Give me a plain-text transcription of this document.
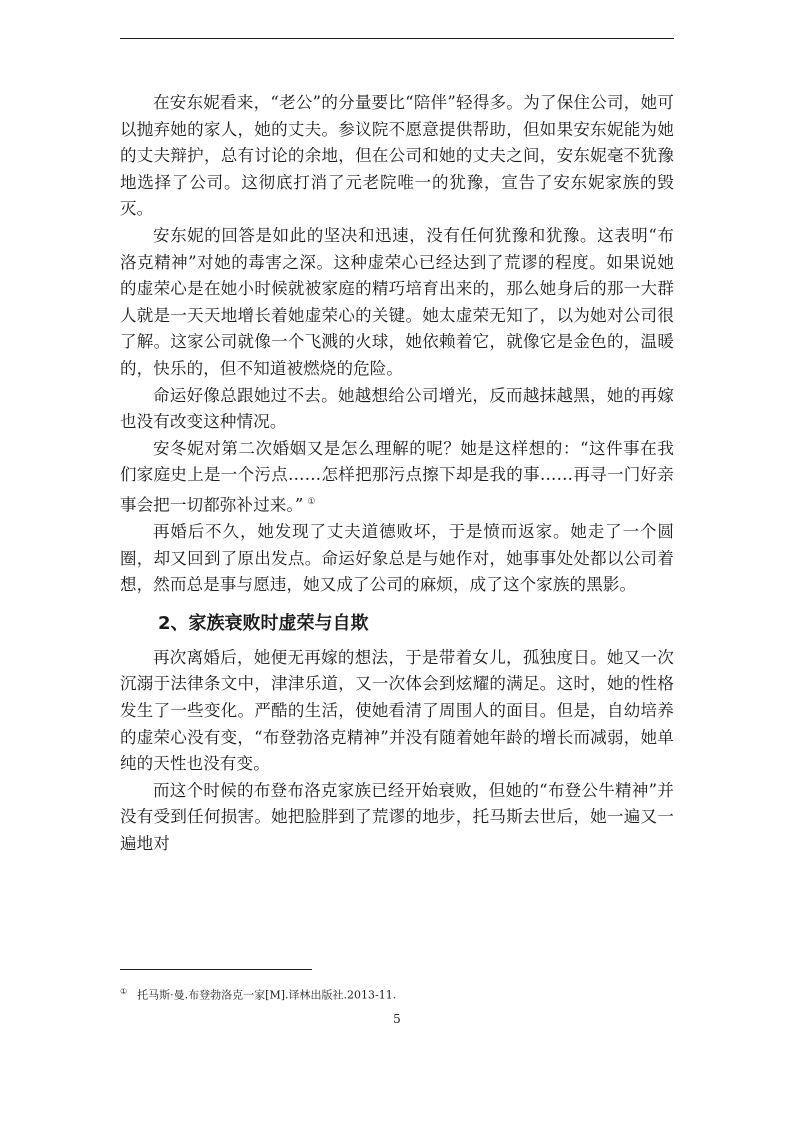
在安东妮看来，“老公”的分量要比“陪伴”轻得多。为了保住公司，她可以抛弃她的家人，她的丈夫。参议院不愿意提供帮助，但如果安东妮能为她的丈夫辩护，总有讨论的余地，但在公司和她的丈夫之间，安东妮毫不犹豫地选择了公司。这彻底打消了元老院唯一的犹豫，宣告了安东妮家族的毁灭。

安东妮的回答是如此的坚决和迅速，没有任何犹豫和犹豫。这表明“布洛克精神”对她的毒害之深。这种虚荣心已经达到了荒谬的程度。如果说她的虚荣心是在她小时候就被家庭的精巧培育出来的，那么她身后的那一大群人就是一天天地增长着她虚荣心的关键。她太虚荣无知了，以为她对公司很了解。这家公司就像一个飞溅的火球，她依赖着它，就像它是金色的，温暖的，快乐的，但不知道被燃烧的危险。

命运好像总跟她过不去。她越想给公司增光，反而越抹越黑，她的再嫁也没有改变这种情况。

安冬妮对第二次婚姻又是怎么理解的呢？她是这样想的：“这件事在我们家庭史上是一个污点……怎样把那污点擦下却是我的事……再寻一门好亲事会把一切都弥补过来。” ①

再婚后不久，她发现了丈夫道德败坏，于是愤而返家。她走了一个圆圈，却又回到了原出发点。命运好象总是与她作对，她事事处处都以公司着想，然而总是事与愿违，她又成了公司的麻烦，成了这个家族的黑影。

2、家族衰败时虚荣与自欺

再次离婚后，她便无再嫁的想法，于是带着女儿，孤独度日。她又一次沉溺于法律条文中，津津乐道，又一次体会到炫耀的满足。这时，她的性格发生了一些变化。严酷的生活，使她看清了周围人的面目。但是，自幼培养的虚荣心没有变，“布登勃洛克精神”并没有随着她年龄的增长而减弱，她单纯的天性也没有变。

而这个时候的布登布洛克家族已经开始衰败，但她的“布登公牛精神”并没有受到任何损害。她把脸胖到了荒谬的地步，托马斯去世后，她一遍又一遍地对

① 托马斯·曼.布登勃洛克一家[M].译林出版社.2013-11.
5
